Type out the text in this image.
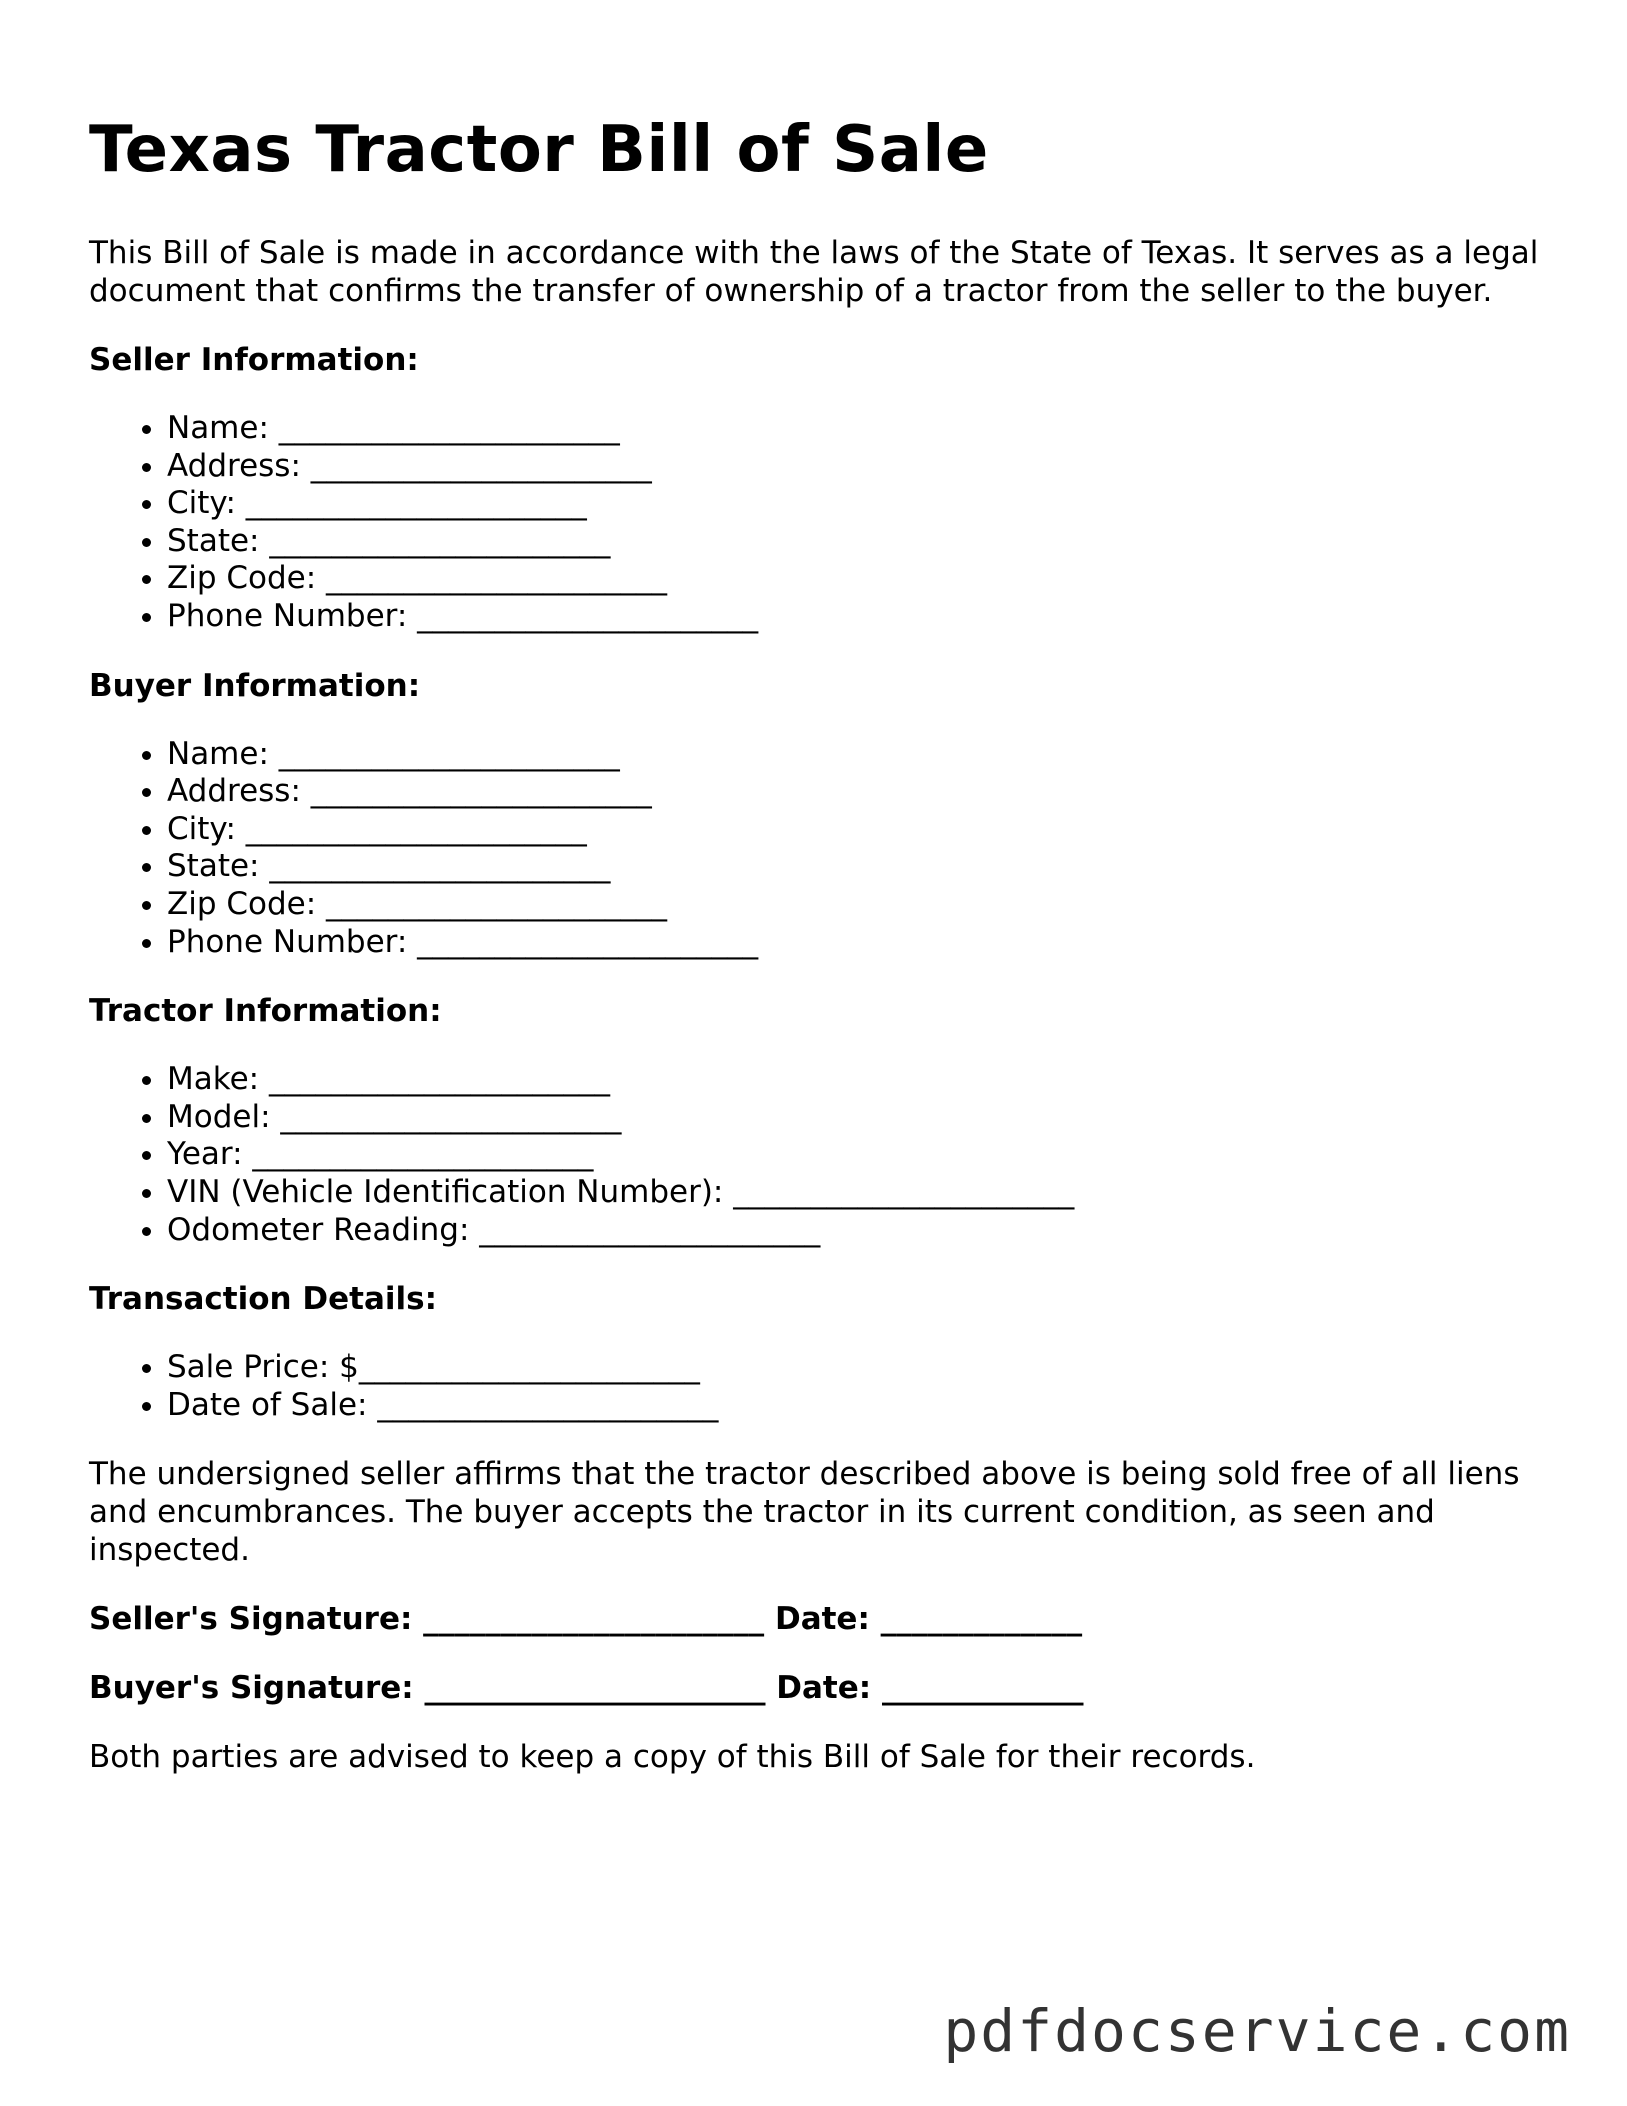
Texas Tractor Bill of Sale

This Bill of Sale is made in accordance with the laws of the State of Texas. It serves as a legal document that confirms the transfer of ownership of a tractor from the seller to the buyer.

Seller Information:
• Name: ______________________
• Address: ______________________
• City: ______________________
• State: ______________________
• Zip Code: ______________________
• Phone Number: ______________________
Buyer Information:
• Name: ______________________
• Address: ______________________
• City: ______________________
• State: ______________________
• Zip Code: ______________________
• Phone Number: ______________________
Tractor Information:
• Make: ______________________
• Model: ______________________
• Year: ______________________
• VIN (Vehicle Identification Number): ______________________
• Odometer Reading: ______________________
Transaction Details:
• Sale Price: $______________________
• Date of Sale: ______________________

The undersigned seller affirms that the tractor described above is being sold free of all liens and encumbrances. The buyer accepts the tractor in its current condition, as seen and inspected.

Seller's Signature: ______________________ Date: _____________
Buyer's Signature: ______________________ Date: _____________

Both parties are advised to keep a copy of this Bill of Sale for their records.

pdfdocservice.com
